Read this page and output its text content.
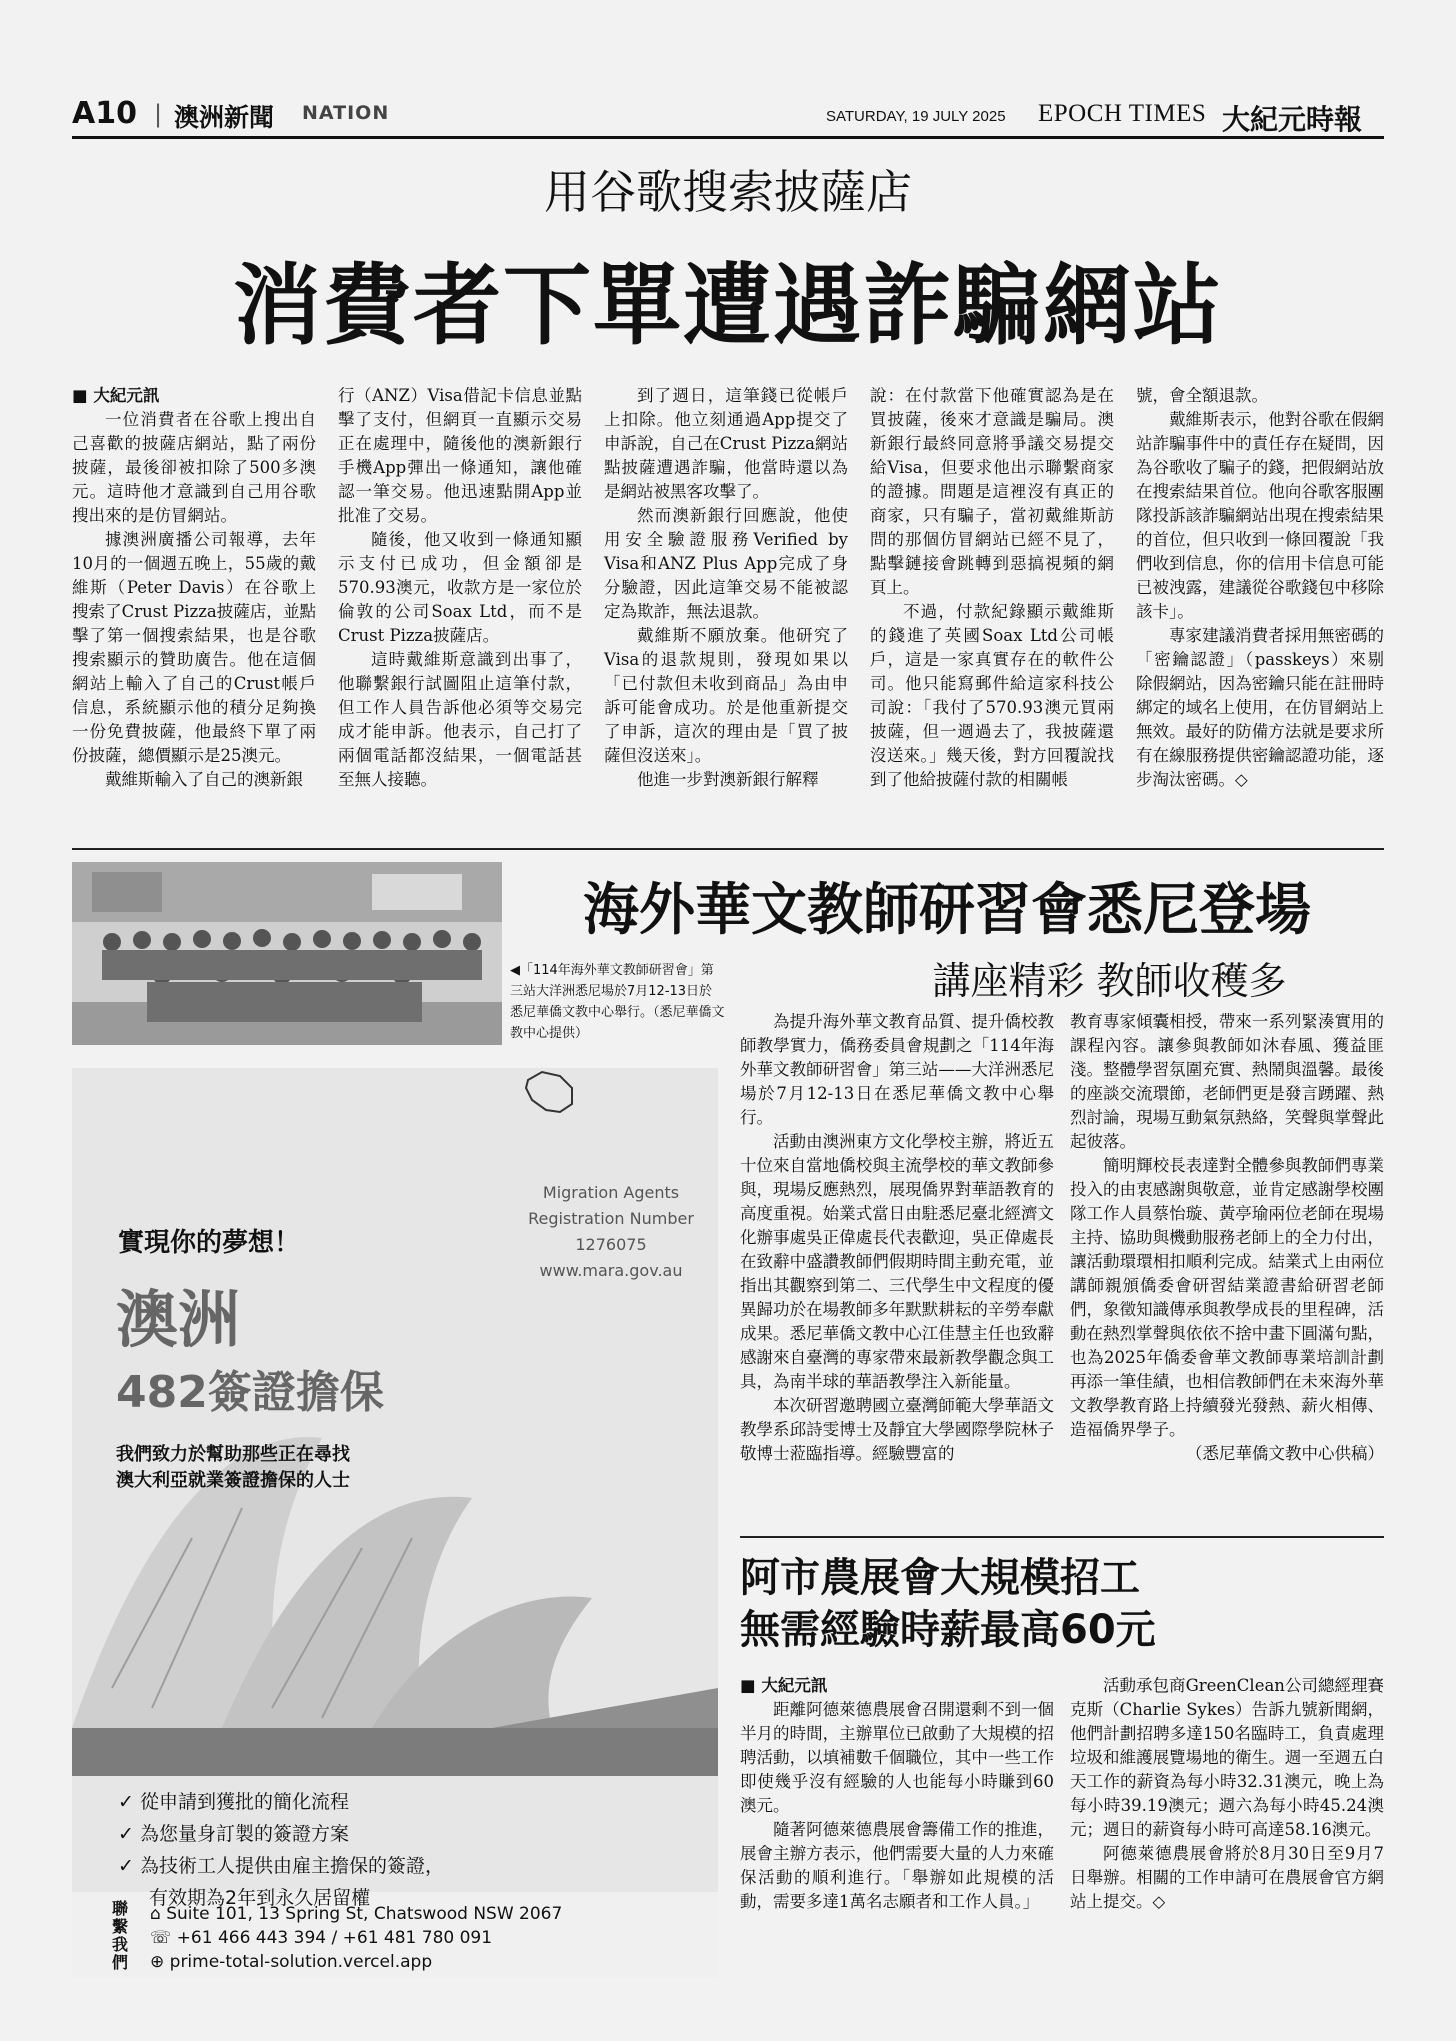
A10 | 澳洲新聞 NATION	SATURDAY, 19 JULY 2025 EPOCH TIMES 大紀元時報
用谷歌搜索披薩店
消費者下單遭遇詐騙網站

■ 大紀元訊

一位消費者在谷歌上搜出自己喜歡的披薩店網站，點了兩份披薩，最後卻被扣除了500多澳元。這時他才意識到自己用谷歌搜出來的是仿冒網站。

據澳洲廣播公司報導，去年10月的一個週五晚上，55歲的戴維斯（Peter Davis）在谷歌上搜索了Crust Pizza披薩店，並點擊了第一個搜索結果，也是谷歌搜索顯示的贊助廣告。他在這個網站上輸入了自己的Crust帳戶信息，系統顯示他的積分足夠換一份免費披薩，他最終下單了兩份披薩，總價顯示是25澳元。

戴維斯輸入了自己的澳新銀

行（ANZ）Visa借記卡信息並點擊了支付，但網頁一直顯示交易正在處理中，隨後他的澳新銀行手機App彈出一條通知，讓他確認一筆交易。他迅速點開App並批准了交易。

隨後，他又收到一條通知顯示支付已成功，但金額卻是570.93澳元，收款方是一家位於倫敦的公司Soax Ltd，而不是Crust Pizza披薩店。

這時戴維斯意識到出事了，他聯繫銀行試圖阻止這筆付款，但工作人員告訴他必須等交易完成才能申訴。他表示，自己打了兩個電話都沒結果，一個電話甚至無人接聽。

到了週日，這筆錢已從帳戶上扣除。他立刻通過App提交了申訴說，自己在Crust Pizza網站點披薩遭遇詐騙，他當時還以為是網站被黑客攻擊了。

然而澳新銀行回應說，他使用安全驗證服務Verified by Visa和ANZ Plus App完成了身分驗證，因此這筆交易不能被認定為欺詐，無法退款。

戴維斯不願放棄。他研究了Visa的退款規則，發現如果以「已付款但未收到商品」為由申訴可能會成功。於是他重新提交了申訴，這次的理由是「買了披薩但沒送來」。

他進一步對澳新銀行解釋

說：在付款當下他確實認為是在買披薩，後來才意識是騙局。澳新銀行最終同意將爭議交易提交給Visa，但要求他出示聯繫商家的證據。問題是這裡沒有真正的商家，只有騙子，當初戴維斯訪問的那個仿冒網站已經不見了，點擊鏈接會跳轉到惡搞視頻的網頁上。

不過，付款紀錄顯示戴維斯的錢進了英國Soax Ltd公司帳戶，這是一家真實存在的軟件公司。他只能寫郵件給這家科技公司說：「我付了570.93澳元買兩披薩，但一週過去了，我披薩還沒送來。」幾天後，對方回覆說找到了他給披薩付款的相關帳

號，會全額退款。

戴維斯表示，他對谷歌在假網站詐騙事件中的責任存在疑問，因為谷歌收了騙子的錢，把假網站放在搜索結果首位。他向谷歌客服團隊投訴該詐騙網站出現在搜索結果的首位，但只收到一條回覆說「我們收到信息，你的信用卡信息可能已被洩露，建議從谷歌錢包中移除該卡」。

專家建議消費者採用無密碼的「密鑰認證」（passkeys）來剔除假網站，因為密鑰只能在註冊時綁定的域名上使用，在仿冒網站上無效。最好的防備方法就是要求所有在線服務提供密鑰認證功能，逐步淘汰密碼。◇

海外華文教師研習會悉尼登場
講座精彩 教師收穫多
◀「114年海外華文教師研習會」第三站大洋洲悉尼場於7月12-13日於悉尼華僑文教中心舉行。（悉尼華僑文教中心提供）

為提升海外華文教育品質、提升僑校教師教學實力，僑務委員會規劃之「114年海外華文教師研習會」第三站——大洋洲悉尼場於7月12-13日在悉尼華僑文教中心舉行。

活動由澳洲東方文化學校主辦，將近五十位來自當地僑校與主流學校的華文教師參與，現場反應熱烈，展現僑界對華語教育的高度重視。始業式當日由駐悉尼臺北經濟文化辦事處吳正偉處長代表歡迎，吳正偉處長在致辭中盛讚教師們假期時間主動充電，並指出其觀察到第二、三代學生中文程度的優異歸功於在場教師多年默默耕耘的辛勞奉獻成果。悉尼華僑文教中心江佳慧主任也致辭感謝來自臺灣的專家帶來最新教學觀念與工具，為南半球的華語教學注入新能量。

本次研習邀聘國立臺灣師範大學華語文教學系邱詩雯博士及靜宜大學國際學院林子敬博士蒞臨指導。經驗豐富的

教育專家傾囊相授，帶來一系列緊湊實用的課程內容。讓參與教師如沐春風、獲益匪淺。整體學習氛圍充實、熱鬧與溫馨。最後的座談交流環節，老師們更是發言踴躍、熱烈討論，現場互動氣氛熱絡，笑聲與掌聲此起彼落。

簡明輝校長表達對全體參與教師們專業投入的由衷感謝與敬意，並肯定感謝學校團隊工作人員蔡怡璇、黃亭瑜兩位老師在現場主持、協助與機動服務老師上的全力付出，讓活動環環相扣順利完成。結業式上由兩位講師親頒僑委會研習結業證書給研習老師們，象徵知識傳承與教學成長的里程碑，活動在熱烈掌聲與依依不捨中畫下圓滿句點，也為2025年僑委會華文教師專業培訓計劃再添一筆佳績，也相信教師們在未來海外華文教學教育路上持續發光發熱、薪火相傳、造福僑界學子。

（悉尼華僑文教中心供稿）

Migration Agents
Registration Number
1276075
www.mara.gov.au
實現你的夢想！
澳洲
482簽證擔保
我們致力於幫助那些正在尋找
澳大利亞就業簽證擔保的人士
✓ 從申請到獲批的簡化流程
✓ 為您量身訂製的簽證方案
✓ 為技術工人提供由雇主擔保的簽證，
有效期為2年到永久居留權
聯
繫
我
們
⌂ Suite 101, 13 Spring St, Chatswood NSW 2067
☏ +61 466 443 394 / +61 481 780 091
⊕ prime-total-solution.vercel.app
阿市農展會大規模招工
無需經驗時薪最高60元

■ 大紀元訊

距離阿德萊德農展會召開還剩不到一個半月的時間，主辦單位已啟動了大規模的招聘活動，以填補數千個職位，其中一些工作即使幾乎沒有經驗的人也能每小時賺到60澳元。

隨著阿德萊德農展會籌備工作的推進，展會主辦方表示，他們需要大量的人力來確保活動的順利進行。「舉辦如此規模的活動，需要多達1萬名志願者和工作人員。」

活動承包商GreenClean公司總經理賽克斯（Charlie Sykes）告訴九號新聞網，他們計劃招聘多達150名臨時工，負責處理垃圾和維護展覽場地的衛生。週一至週五白天工作的薪資為每小時32.31澳元，晚上為每小時39.19澳元；週六為每小時45.24澳元；週日的薪資每小時可高達58.16澳元。

阿德萊德農展會將於8月30日至9月7日舉辦。相關的工作申請可在農展會官方網站上提交。◇
